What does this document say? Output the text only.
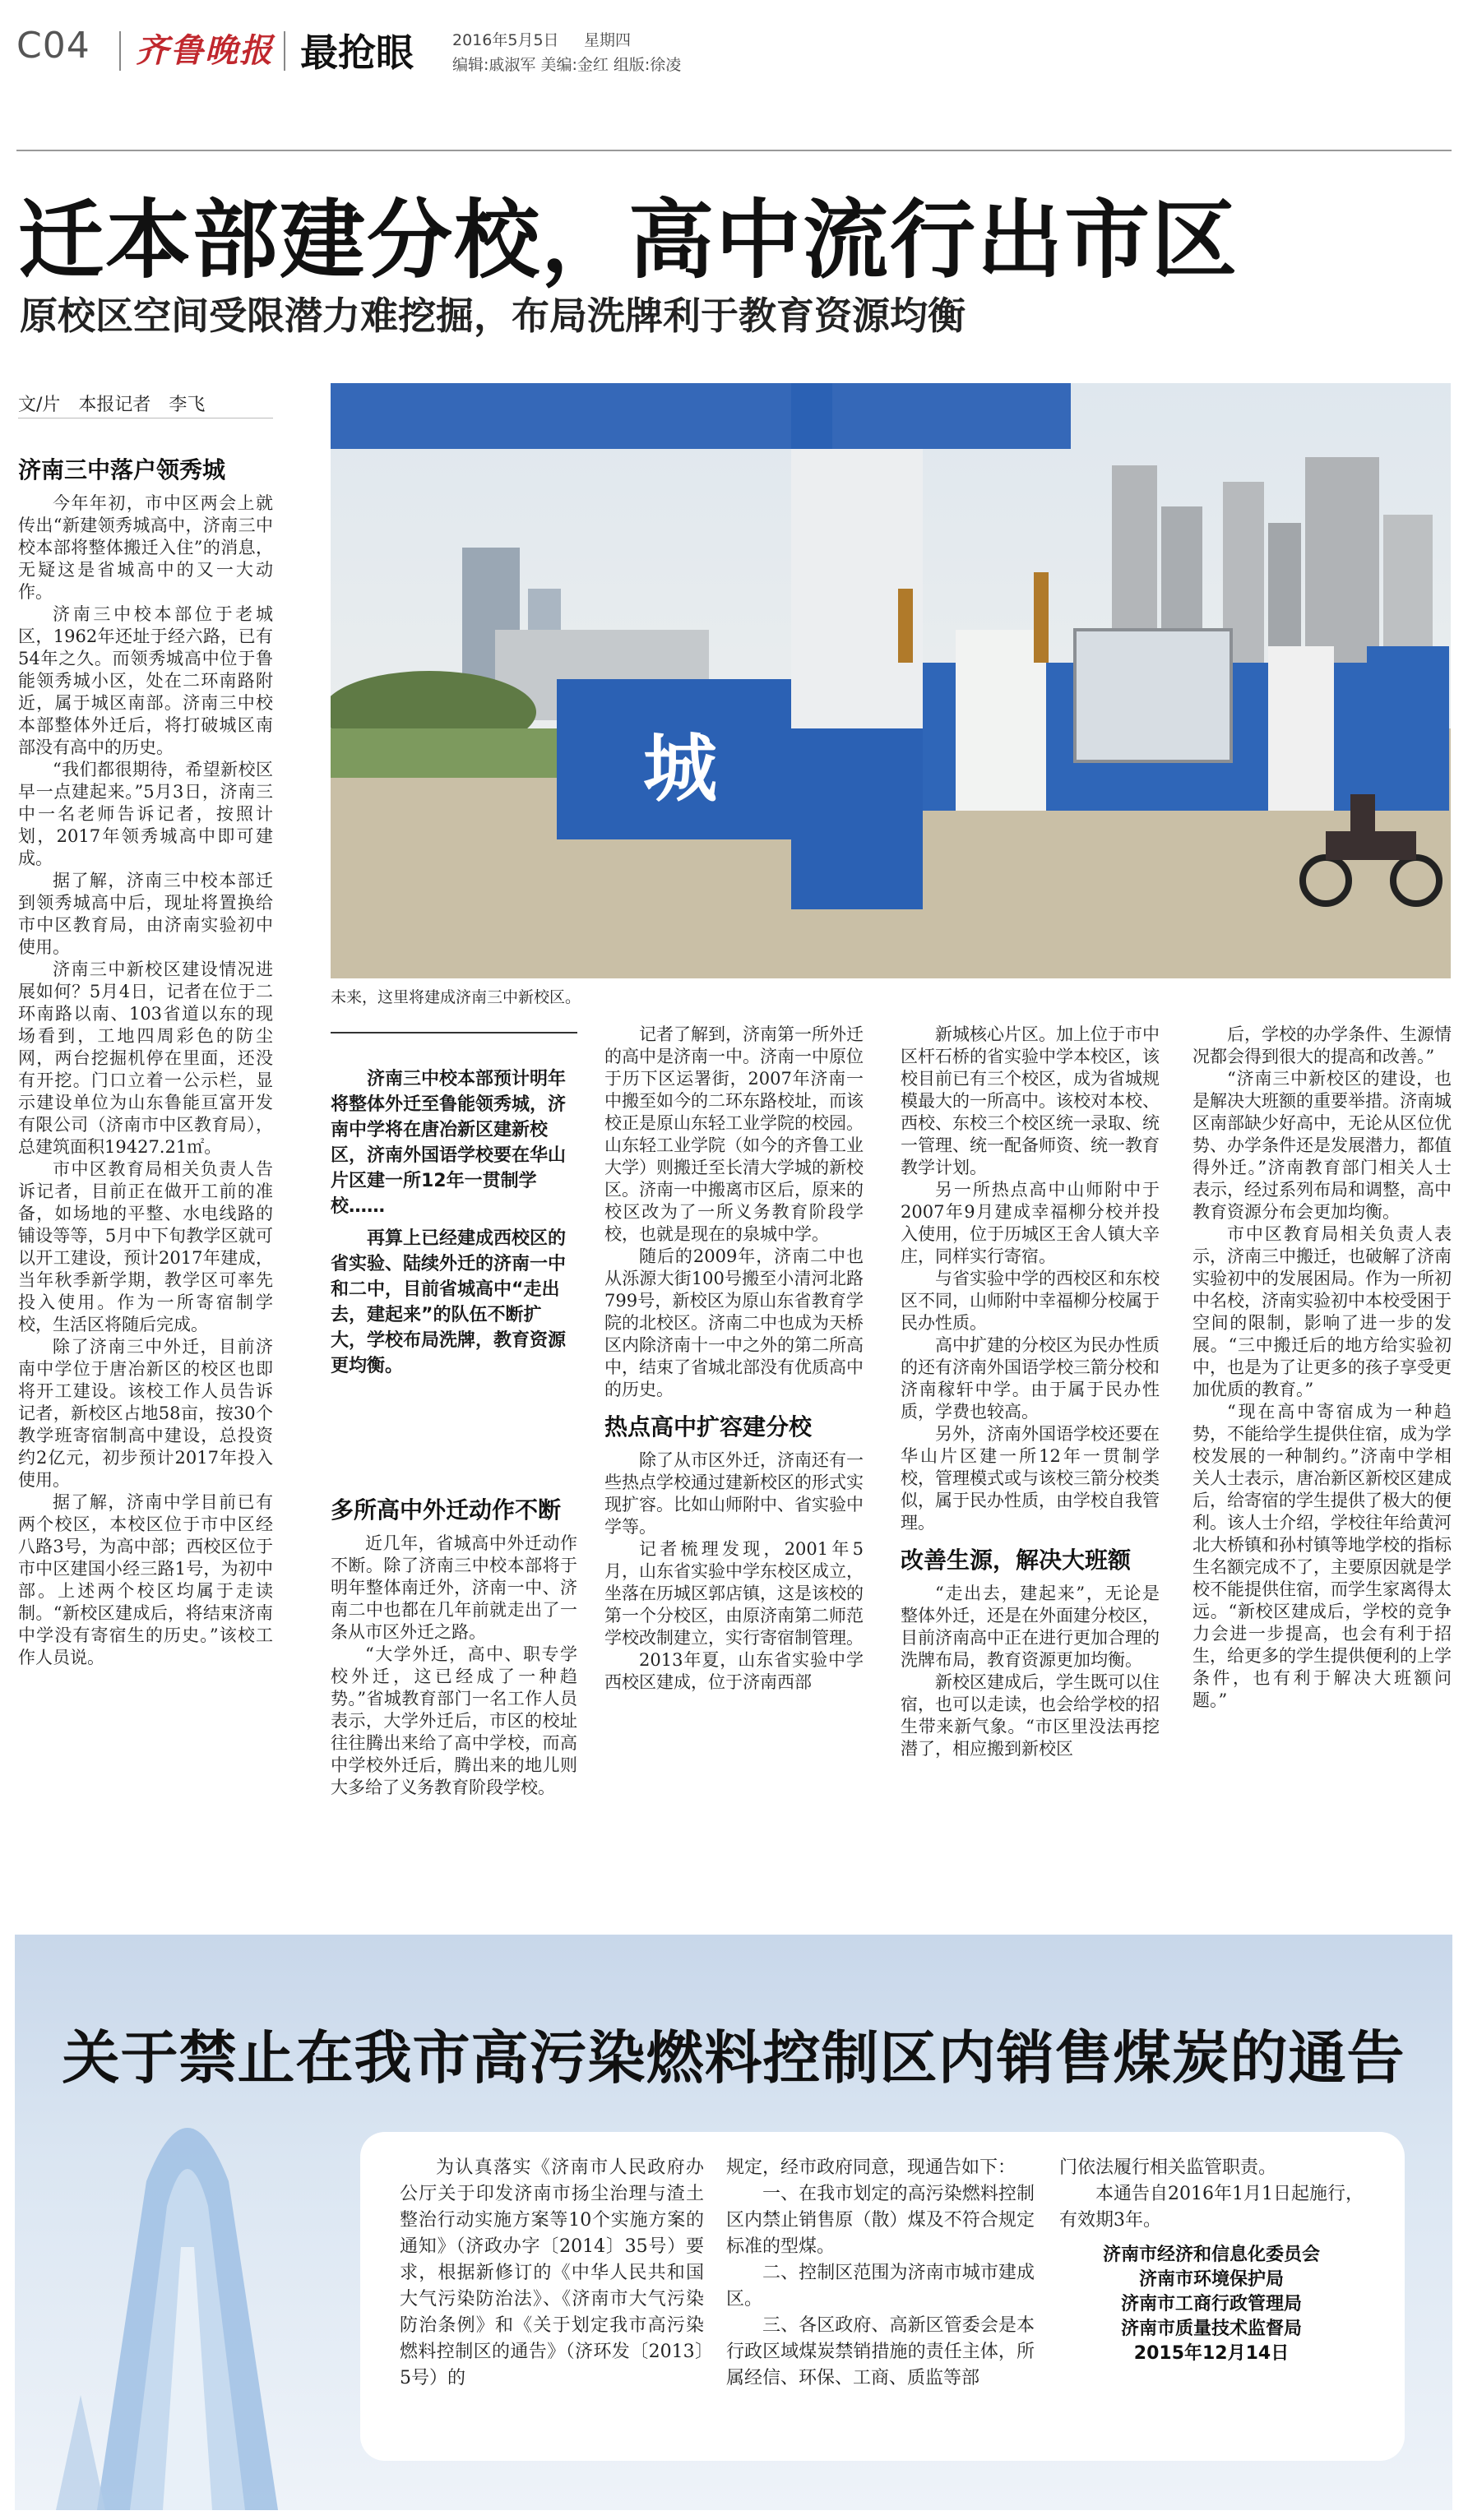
C04 齐鲁晚报 最抢眼 2016年5月5日 星期四
编辑:戚淑军 美编:金红 组版:徐凌
迁本部建分校，高中流行出市区
原校区空间受限潜力难挖掘，布局洗牌利于教育资源均衡
文/片　本报记者　李飞
城
未来，这里将建成济南三中新校区。
济南三中落户领秀城

今年年初，市中区两会上就传出“新建领秀城高中，济南三中校本部将整体搬迁入住”的消息，无疑这是省城高中的又一大动作。

济南三中校本部位于老城区，1962年还址于经六路，已有54年之久。而领秀城高中位于鲁能领秀城小区，处在二环南路附近，属于城区南部。济南三中校本部整体外迁后，将打破城区南部没有高中的历史。

“我们都很期待，希望新校区早一点建起来。”5月3日，济南三中一名老师告诉记者，按照计划，2017年领秀城高中即可建成。

据了解，济南三中校本部迁到领秀城高中后，现址将置换给市中区教育局，由济南实验初中使用。

济南三中新校区建设情况进展如何？5月4日，记者在位于二环南路以南、103省道以东的现场看到，工地四周彩色的防尘网，两台挖掘机停在里面，还没有开挖。门口立着一公示栏，显示建设单位为山东鲁能亘富开发有限公司（济南市中区教育局），总建筑面积19427.21㎡。

市中区教育局相关负责人告诉记者，目前正在做开工前的准备，如场地的平整、水电线路的铺设等等，5月中下旬教学区就可以开工建设，预计2017年建成，当年秋季新学期，教学区可率先投入使用。作为一所寄宿制学校，生活区将随后完成。

除了济南三中外迁，目前济南中学位于唐冶新区的校区也即将开工建设。该校工作人员告诉记者，新校区占地58亩，按30个教学班寄宿制高中建设，总投资约2亿元，初步预计2017年投入使用。

据了解，济南中学目前已有两个校区，本校区位于市中区经八路3号，为高中部；西校区位于市中区建国小经三路1号，为初中部。上述两个校区均属于走读制。“新校区建成后，将结束济南中学没有寄宿生的历史。”该校工作人员说。

济南三中校本部预计明年将整体外迁至鲁能领秀城，济南中学将在唐冶新区建新校区，济南外国语学校要在华山片区建一所12年一贯制学校……

再算上已经建成西校区的省实验、陆续外迁的济南一中和二中，目前省城高中“走出去，建起来”的队伍不断扩大，学校布局洗牌，教育资源更均衡。

多所高中外迁动作不断

近几年，省城高中外迁动作不断。除了济南三中校本部将于明年整体南迁外，济南一中、济南二中也都在几年前就走出了一条从市区外迁之路。

“大学外迁，高中、职专学校外迁，这已经成了一种趋势。”省城教育部门一名工作人员表示，大学外迁后，市区的校址往往腾出来给了高中学校，而高中学校外迁后，腾出来的地儿则大多给了义务教育阶段学校。

记者了解到，济南第一所外迁的高中是济南一中。济南一中原位于历下区运署街，2007年济南一中搬至如今的二环东路校址，而该校正是原山东轻工业学院的校园。山东轻工业学院（如今的齐鲁工业大学）则搬迁至长清大学城的新校区。济南一中搬离市区后，原来的校区改为了一所义务教育阶段学校，也就是现在的泉城中学。

随后的2009年，济南二中也从泺源大街100号搬至小清河北路799号，新校区为原山东省教育学院的北校区。济南二中也成为天桥区内除济南十一中之外的第二所高中，结束了省城北部没有优质高中的历史。

热点高中扩容建分校

除了从市区外迁，济南还有一些热点学校通过建新校区的形式实现扩容。比如山师附中、省实验中学等。

记者梳理发现，2001年5月，山东省实验中学东校区成立，坐落在历城区郭店镇，这是该校的第一个分校区，由原济南第二师范学校改制建立，实行寄宿制管理。

2013年夏，山东省实验中学西校区建成，位于济南西部

新城核心片区。加上位于市中区杆石桥的省实验中学本校区，该校目前已有三个校区，成为省城规模最大的一所高中。该校对本校、西校、东校三个校区统一录取、统一管理、统一配备师资、统一教育教学计划。

另一所热点高中山师附中于2007年9月建成幸福柳分校并投入使用，位于历城区王舍人镇大辛庄，同样实行寄宿。

与省实验中学的西校区和东校区不同，山师附中幸福柳分校属于民办性质。

高中扩建的分校区为民办性质的还有济南外国语学校三箭分校和济南稼轩中学。由于属于民办性质，学费也较高。

另外，济南外国语学校还要在华山片区建一所12年一贯制学校，管理模式或与该校三箭分校类似，属于民办性质，由学校自我管理。

改善生源，解决大班额

“走出去，建起来”，无论是整体外迁，还是在外面建分校区，目前济南高中正在进行更加合理的洗牌布局，教育资源更加均衡。

新校区建成后，学生既可以住宿，也可以走读，也会给学校的招生带来新气象。“市区里没法再挖潜了，相应搬到新校区

后，学校的办学条件、生源情况都会得到很大的提高和改善。”

“济南三中新校区的建设，也是解决大班额的重要举措。济南城区南部缺少好高中，无论从区位优势、办学条件还是发展潜力，都值得外迁。”济南教育部门相关人士表示，经过系列布局和调整，高中教育资源分布会更加均衡。

市中区教育局相关负责人表示，济南三中搬迁，也破解了济南实验初中的发展困局。作为一所初中名校，济南实验初中本校受困于空间的限制，影响了进一步的发展。“三中搬迁后的地方给实验初中，也是为了让更多的孩子享受更加优质的教育。”

“现在高中寄宿成为一种趋势，不能给学生提供住宿，成为学校发展的一种制约。”济南中学相关人士表示，唐冶新区新校区建成后，给寄宿的学生提供了极大的便利。该人士介绍，学校往年给黄河北大桥镇和孙村镇等地学校的指标生名额完成不了，主要原因就是学校不能提供住宿，而学生家离得太远。“新校区建成后，学校的竞争力会进一步提高，也会有利于招生，给更多的学生提供便利的上学条件，也有利于解决大班额问题。”

关于禁止在我市高污染燃料控制区内销售煤炭的通告

为认真落实《济南市人民政府办公厅关于印发济南市扬尘治理与渣土整治行动实施方案等10个实施方案的通知》（济政办字〔2014〕35号）要求，根据新修订的《中华人民共和国大气污染防治法》、《济南市大气污染防治条例》和《关于划定我市高污染燃料控制区的通告》（济环发〔2013〕5号）的

规定，经市政府同意，现通告如下：

一、在我市划定的高污染燃料控制区内禁止销售原（散）煤及不符合规定标准的型煤。

二、控制区范围为济南市城市建成区。

三、各区政府、高新区管委会是本行政区域煤炭禁销措施的责任主体，所属经信、环保、工商、质监等部

门依法履行相关监管职责。

本通告自2016年1月1日起施行，有效期3年。

济南市经济和信息化委员会
济南市环境保护局
济南市工商行政管理局
济南市质量技术监督局
2015年12月14日
